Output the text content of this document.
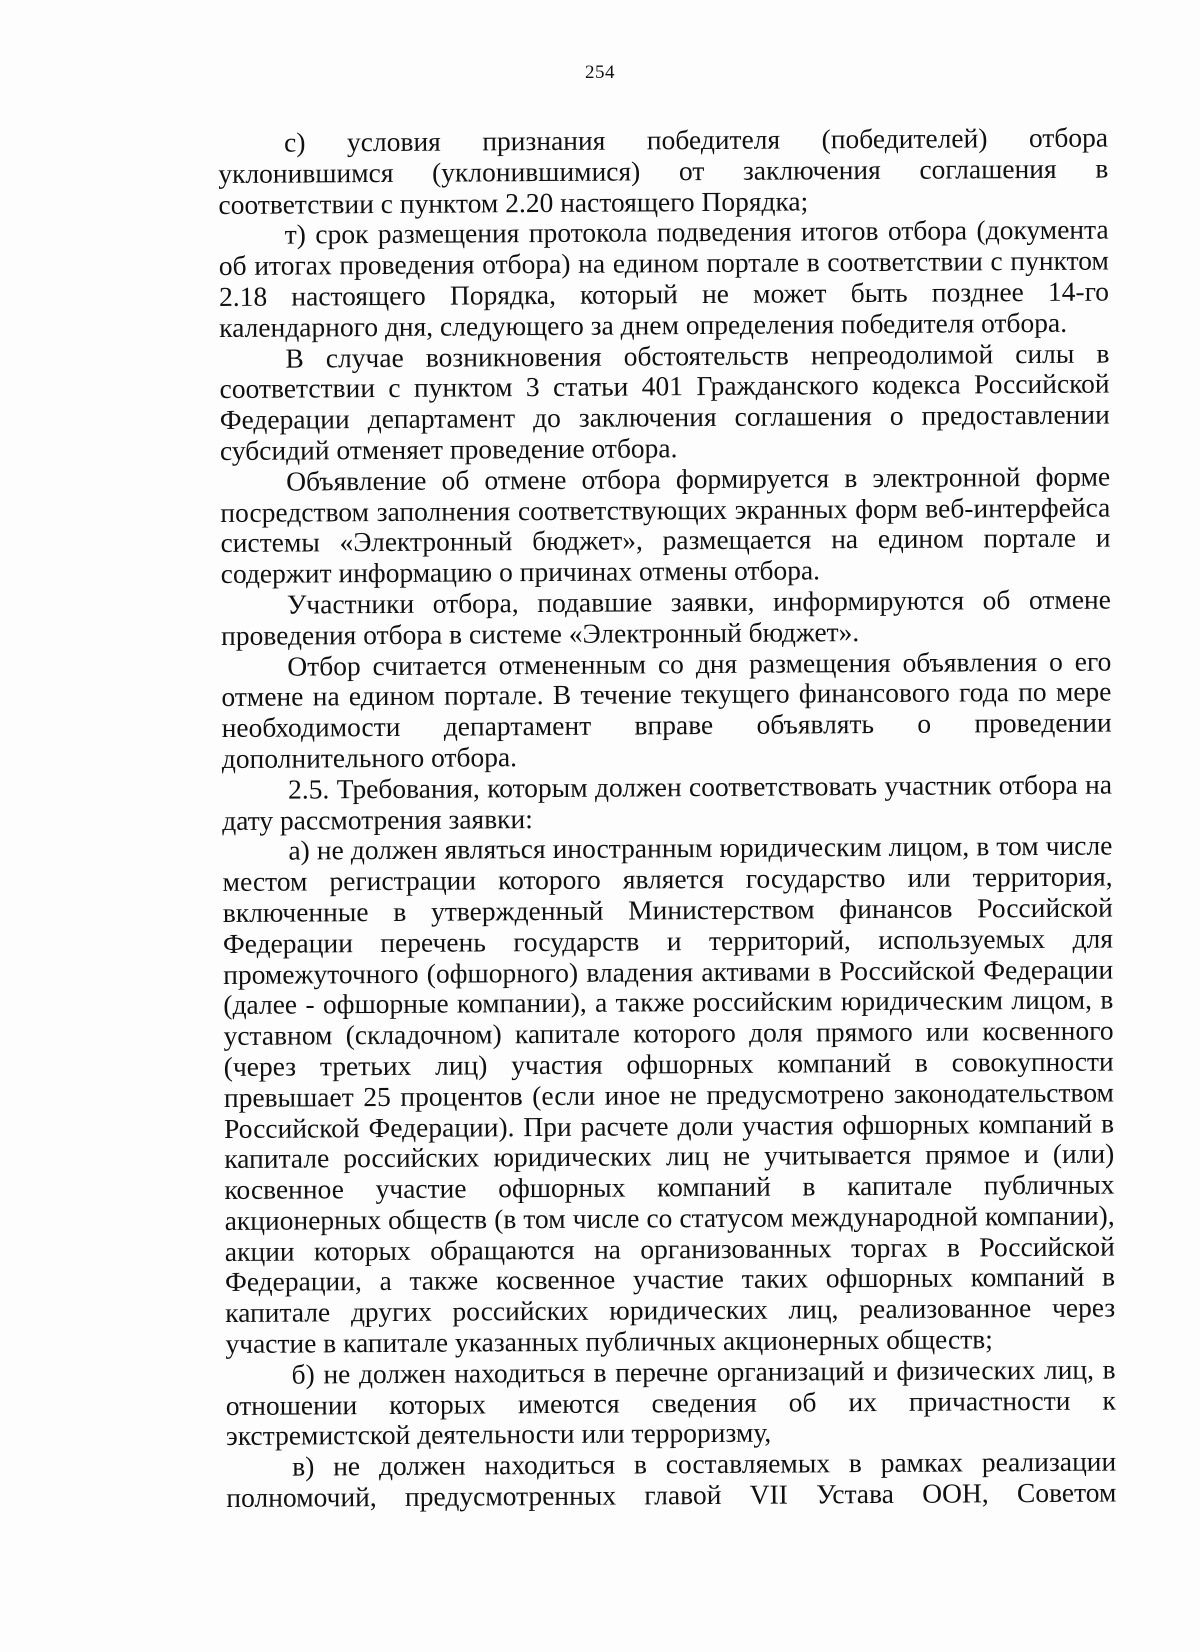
254

с) условия признания победителя (победителей) отбора уклонившимся (уклонившимися) от заключения соглашения в соответствии с пунктом 2.20 настоящего Порядка;

т) срок размещения протокола подведения итогов отбора (документа об итогах проведения отбора) на едином портале в соответствии с пунктом 2.18 настоящего Порядка, который не может быть позднее 14-го календарного дня, следующего за днем определения победителя отбора.

В случае возникновения обстоятельств непреодолимой силы в соответствии с пунктом 3 статьи 401 Гражданского кодекса Российской Федерации департамент до заключения соглашения о предоставлении субсидий отменяет проведение отбора.

Объявление об отмене отбора формируется в электронной форме посредством заполнения соответствующих экранных форм веб-интерфейса системы «Электронный бюджет», размещается на едином портале и содержит информацию о причинах отмены отбора.

Участники отбора, подавшие заявки, информируются об отмене проведения отбора в системе «Электронный бюджет».

Отбор считается отмененным со дня размещения объявления о его отмене на едином портале. В течение текущего финансового года по мере необходимости департамент вправе объявлять о проведении дополнительного отбора.

2.5. Требования, которым должен соответствовать участник отбора на дату рассмотрения заявки:

а) не должен являться иностранным юридическим лицом, в том числе местом регистрации которого является государство или территория, включенные в утвержденный Министерством финансов Российской Федерации перечень государств и территорий, используемых для промежуточного (офшорного) владения активами в Российской Федерации (далее - офшорные компании), а также российским юридическим лицом, в уставном (складочном) капитале которого доля прямого или косвенного (через третьих лиц) участия офшорных компаний в совокупности превышает 25 процентов (если иное не предусмотрено законодательством Российской Федерации). При расчете доли участия офшорных компаний в капитале российских юридических лиц не учитывается прямое и (или) косвенное участие офшорных компаний в капитале публичных акционерных обществ (в том числе со статусом международной компании), акции которых обращаются на организованных торгах в Российской Федерации, а также косвенное участие таких офшорных компаний в капитале других российских юридических лиц, реализованное через участие в капитале указанных публичных акционерных обществ;

б) не должен находиться в перечне организаций и физических лиц, в отношении которых имеются сведения об их причастности к экстремистской деятельности или терроризму,

в) не должен находиться в составляемых в рамках реализации полномочий, предусмотренных главой VII Устава ООН, Советом
